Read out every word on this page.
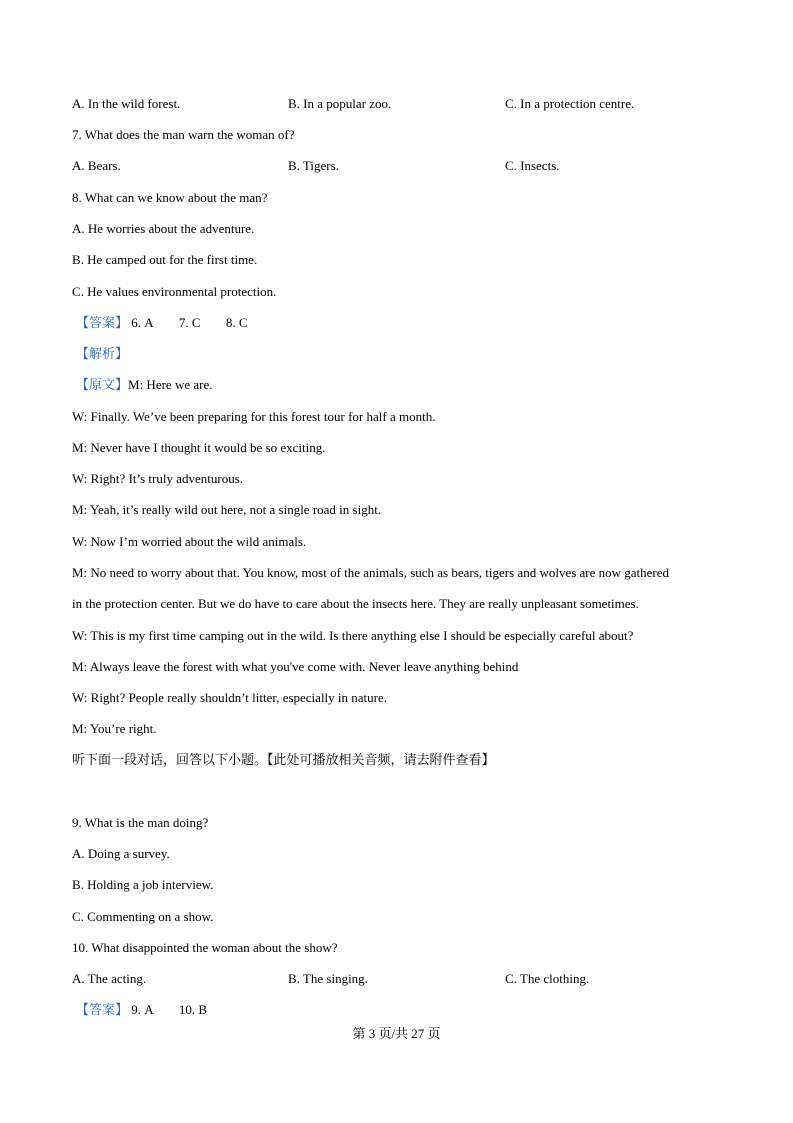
A. In the wild forest.	B. In a popular zoo.	C. In a protection centre.
7. What does the man warn the woman of?
A. Bears.	B. Tigers.	C. Insects.
8. What can we know about the man?
A. He worries about the adventure.
B. He camped out for the first time.
C. He values environmental protection.
【答案】 6. A 7. C 8. C
【解析】
【原文】M: Here we are.
W: Finally. We’ve been preparing for this forest tour for half a month.
M: Never have I thought it would be so exciting.
W: Right? It’s truly adventurous.
M: Yeah, it’s really wild out here, not a single road in sight.
W: Now I’m worried about the wild animals.
M: No need to worry about that. You know, most of the animals, such as bears, tigers and wolves are now gathered
in the protection center. But we do have to care about the insects here. They are really unpleasant sometimes.
W: This is my first time camping out in the wild. Is there anything else I should be especially careful about?
M: Always leave the forest with what you've come with. Never leave anything behind
W: Right? People really shouldn’t litter, especially in nature.
M: You’re right.
听下面一段对话，回答以下小题。【此处可播放相关音频，请去附件查看】
9. What is the man doing?
A. Doing a survey.
B. Holding a job interview.
C. Commenting on a show.
10. What disappointed the woman about the show?
A. The acting.	B. The singing.	C. The clothing.
【答案】 9. A 10. B
第 3 页/共 27 页
